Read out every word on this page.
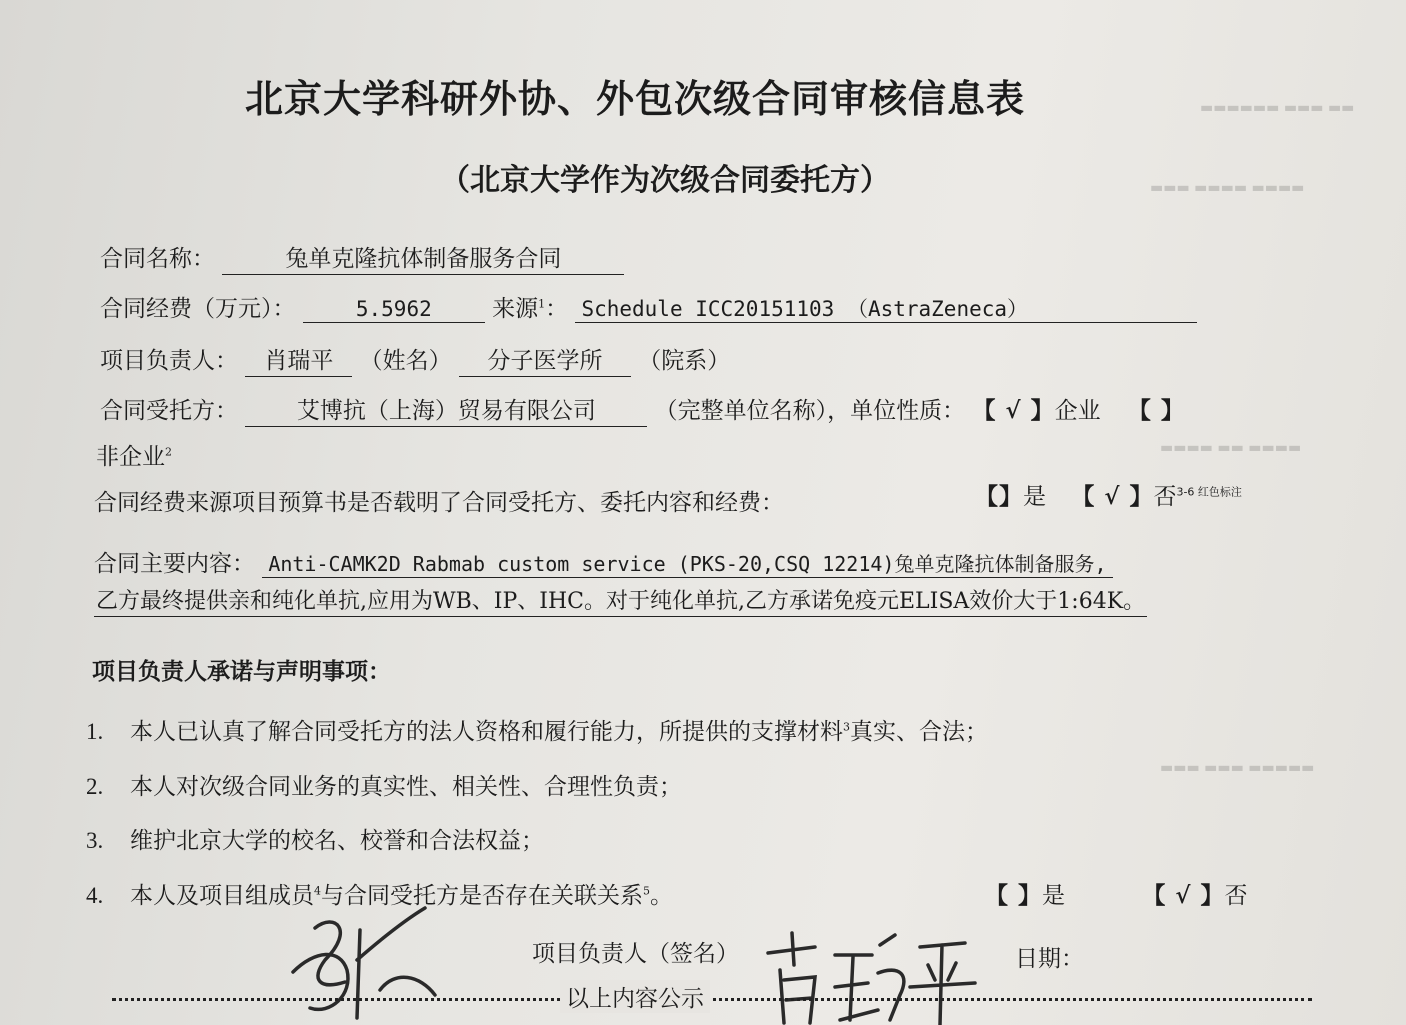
▬▬▬▬▬▬ ▬▬▬ ▬▬
▬▬▬ ▬▬▬▬ ▬▬▬▬
▬▬▬▬ ▬▬ ▬▬▬▬
▬▬▬ ▬▬▬ ▬▬▬▬▬
北京大学科研外协、外包次级合同审核信息表
（北京大学作为次级合同委托方）
合同名称：	兔单克隆抗体制备服务合同
合同经费（万元）：	5.5962	来源$^1$： Schedule ICC20151103 （AstraZeneca）
项目负责人： 肖瑞平 （姓名） 分子医学所 （院系）
合同受托方：	艾博抗（上海）贸易有限公司	（完整单位名称），单位性质： 【 √ 】企业 【 】
非企业$^2$
合同经费来源项目预算书是否载明了合同受托方、委托内容和经费：	【】是 【 √ 】否$^{3-6 红色标注}$
合同主要内容： Anti-CAMK2D Rabmab custom service (PKS-20,CSQ 12214)兔单克隆抗体制备服务,
乙方最终提供亲和纯化单抗,应用为WB、IP、IHC。对于纯化单抗,乙方承诺免疫元ELISA效价大于1:64K。
项目负责人承诺与声明事项：
1. 本人已认真了解合同受托方的法人资格和履行能力，所提供的支撑材料$^3$真实、合法；
2. 本人对次级合同业务的真实性、相关性、合理性负责；
3. 维护北京大学的校名、校誉和合法权益；
4. 本人及项目组成员$^4$与合同受托方是否存在关联关系$^5$。	【 】是	【 √ 】否
项目负责人（签名）	日期：
以上内容公示
